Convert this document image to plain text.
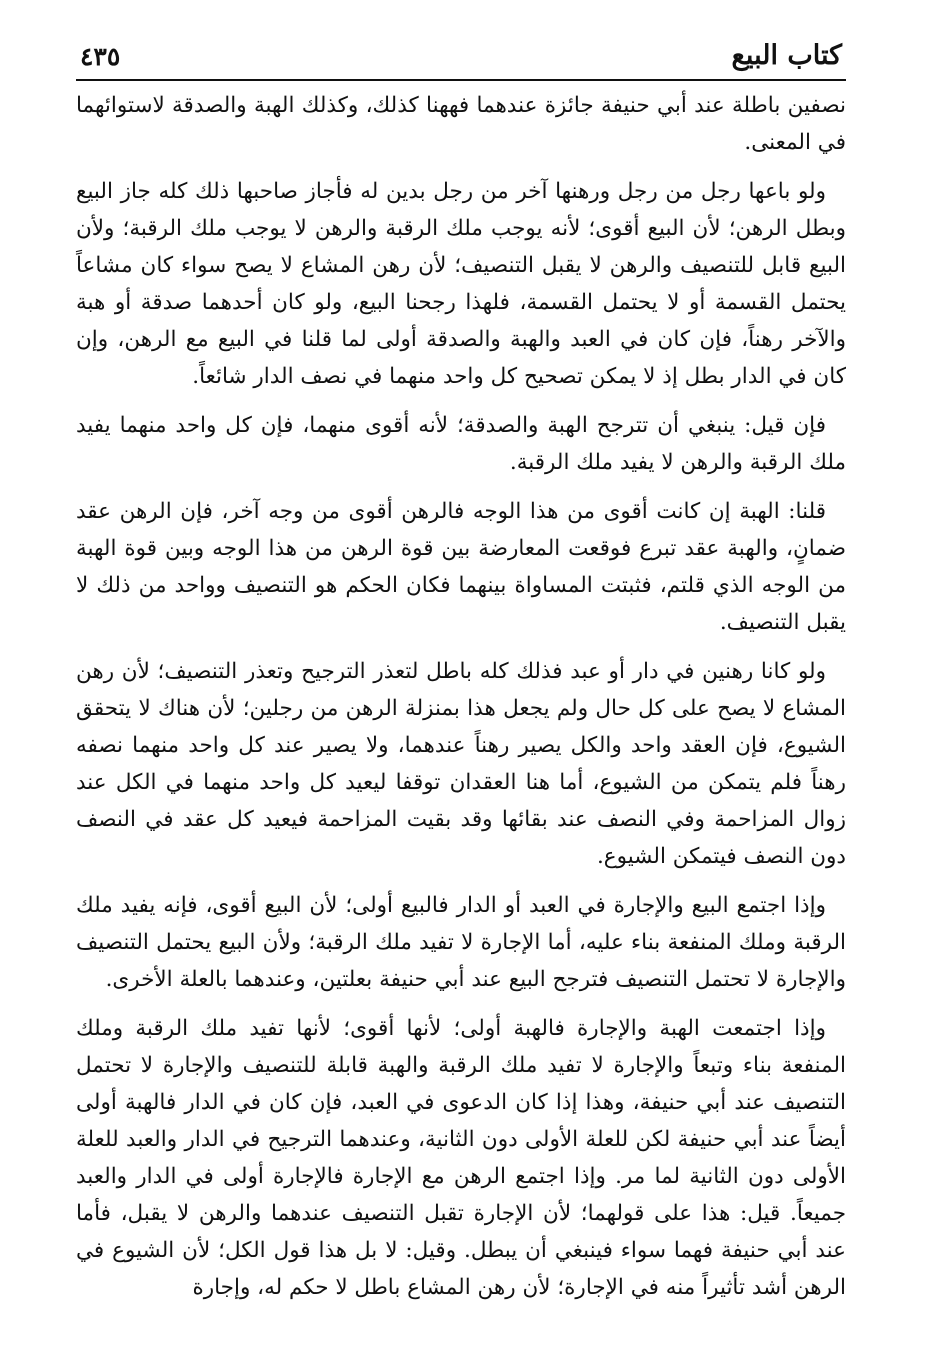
كتاب البيع
٤٣٥

نصفين باطلة عند أبي حنيفة جائزة عندهما فههنا كذلك، وكذلك الهبة والصدقة لاستوائهما في المعنى.

ولو باعها رجل من رجل ورهنها آخر من رجل بدين له فأجاز صاحبها ذلك كله جاز البيع وبطل الرهن؛ لأن البيع أقوى؛ لأنه يوجب ملك الرقبة والرهن لا يوجب ملك الرقبة؛ ولأن البيع قابل للتنصيف والرهن لا يقبل التنصيف؛ لأن رهن المشاع لا يصح سواء كان مشاعاً يحتمل القسمة أو لا يحتمل القسمة، فلهذا رجحنا البيع، ولو كان أحدهما صدقة أو هبة والآخر رهناً، فإن كان في العبد والهبة والصدقة أولى لما قلنا في البيع مع الرهن، وإن كان في الدار بطل إذ لا يمكن تصحيح كل واحد منهما في نصف الدار شائعاً.

فإن قيل: ينبغي أن تترجح الهبة والصدقة؛ لأنه أقوى منهما، فإن كل واحد منهما يفيد ملك الرقبة والرهن لا يفيد ملك الرقبة.

قلنا: الهبة إن كانت أقوى من هذا الوجه فالرهن أقوى من وجه آخر، فإن الرهن عقد ضمانٍ، والهبة عقد تبرع فوقعت المعارضة بين قوة الرهن من هذا الوجه وبين قوة الهبة من الوجه الذي قلتم، فثبتت المساواة بينهما فكان الحكم هو التنصيف وواحد من ذلك لا يقبل التنصيف.

ولو كانا رهنين في دار أو عبد فذلك كله باطل لتعذر الترجيح وتعذر التنصيف؛ لأن رهن المشاع لا يصح على كل حال ولم يجعل هذا بمنزلة الرهن من رجلين؛ لأن هناك لا يتحقق الشيوع، فإن العقد واحد والكل يصير رهناً عندهما، ولا يصير عند كل واحد منهما نصفه رهناً فلم يتمكن من الشيوع، أما هنا العقدان توقفا ليعيد كل واحد منهما في الكل عند زوال المزاحمة وفي النصف عند بقائها وقد بقيت المزاحمة فيعيد كل عقد في النصف دون النصف فيتمكن الشيوع.

وإذا اجتمع البيع والإجارة في العبد أو الدار فالبيع أولى؛ لأن البيع أقوى، فإنه يفيد ملك الرقبة وملك المنفعة بناء عليه، أما الإجارة لا تفيد ملك الرقبة؛ ولأن البيع يحتمل التنصيف والإجارة لا تحتمل التنصيف فترجح البيع عند أبي حنيفة بعلتين، وعندهما بالعلة الأخرى.

وإذا اجتمعت الهبة والإجارة فالهبة أولى؛ لأنها أقوى؛ لأنها تفيد ملك الرقبة وملك المنفعة بناء وتبعاً والإجارة لا تفيد ملك الرقبة والهبة قابلة للتنصيف والإجارة لا تحتمل التنصيف عند أبي حنيفة، وهذا إذا كان الدعوى في العبد، فإن كان في الدار فالهبة أولى أيضاً عند أبي حنيفة لكن للعلة الأولى دون الثانية، وعندهما الترجيح في الدار والعبد للعلة الأولى دون الثانية لما مر. وإذا اجتمع الرهن مع الإجارة فالإجارة أولى في الدار والعبد جميعاً. قيل: هذا على قولهما؛ لأن الإجارة تقبل التنصيف عندهما والرهن لا يقبل، فأما عند أبي حنيفة فهما سواء فينبغي أن يبطل. وقيل: لا بل هذا قول الكل؛ لأن الشيوع في الرهن أشد تأثيراً منه في الإجارة؛ لأن رهن المشاع باطل لا حكم له، وإجارة
